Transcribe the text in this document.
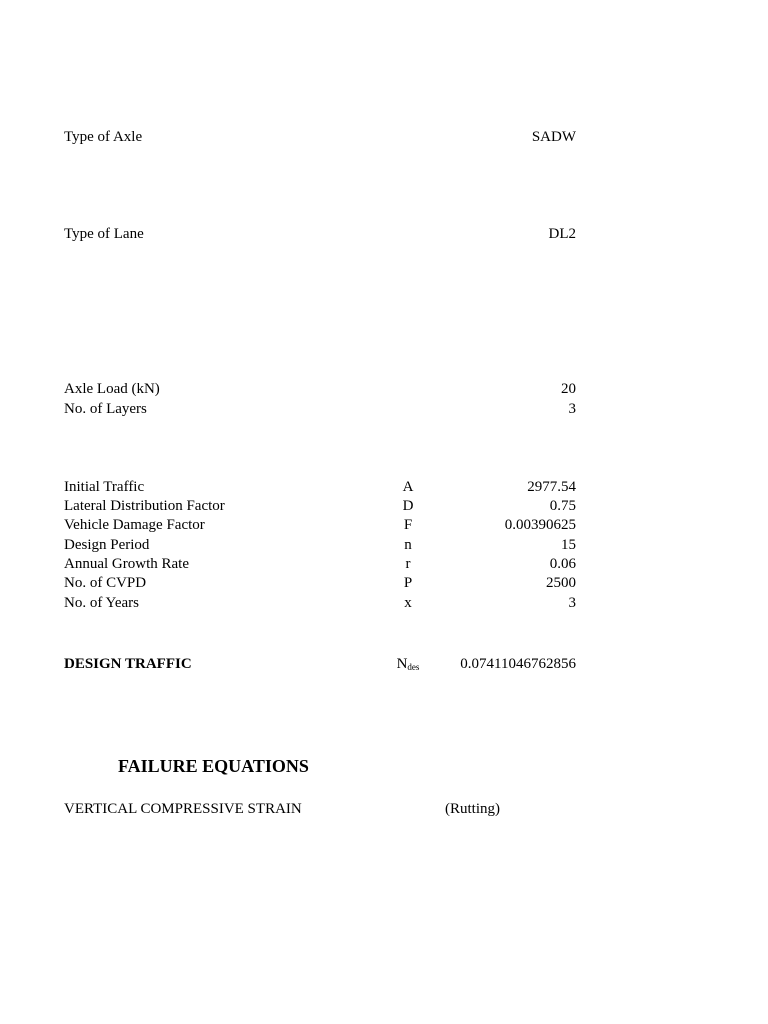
Type of Axle	SADW
Type of Lane	DL2
Axle Load (kN)	20
No. of Layers	3
Initial Traffic	A	2977.54
Lateral Distribution Factor	D	0.75
Vehicle Damage Factor	F	0.00390625
Design Period	n	15
Annual Growth Rate	r	0.06
No. of CVPD	P	2500
No. of Years	x	3
DESIGN TRAFFIC	$N_{des}$	0.07411046762856
FAILURE EQUATIONS
VERTICAL COMPRESSIVE STRAIN	(Rutting)
